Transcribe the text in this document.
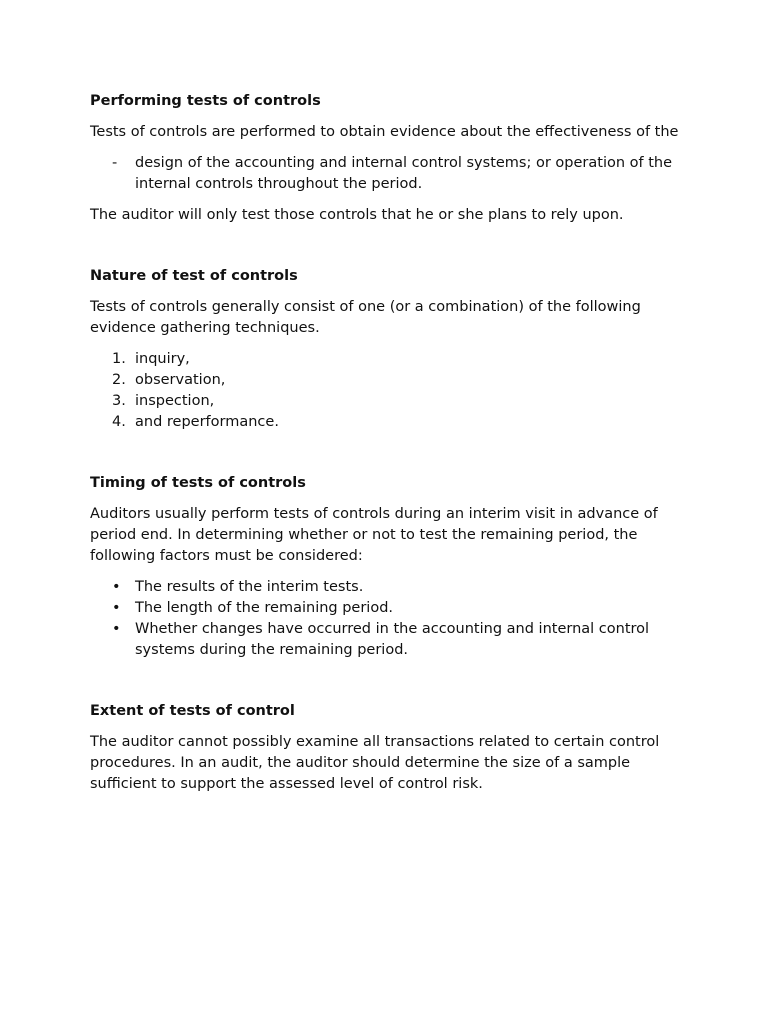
Performing tests of controls

Tests of controls are performed to obtain evidence about the effectiveness of the

- design of the accounting and internal control systems; or operation of the internal controls throughout the period.

The auditor will only test those controls that he or she plans to rely upon.

Nature of test of controls

Tests of controls generally consist of one (or a combination) of the following evidence gathering techniques.

1. inquiry,
2. observation,
3. inspection,
4. and reperformance.
Timing of tests of controls

Auditors usually perform tests of controls during an interim visit in advance of period end. In determining whether or not to test the remaining period, the following factors must be considered:

• The results of the interim tests.
• The length of the remaining period.
• Whether changes have occurred in the accounting and internal control systems during the remaining period.
Extent of tests of control

The auditor cannot possibly examine all transactions related to certain control procedures. In an audit, the auditor should determine the size of a sample sufficient to support the assessed level of control risk.
